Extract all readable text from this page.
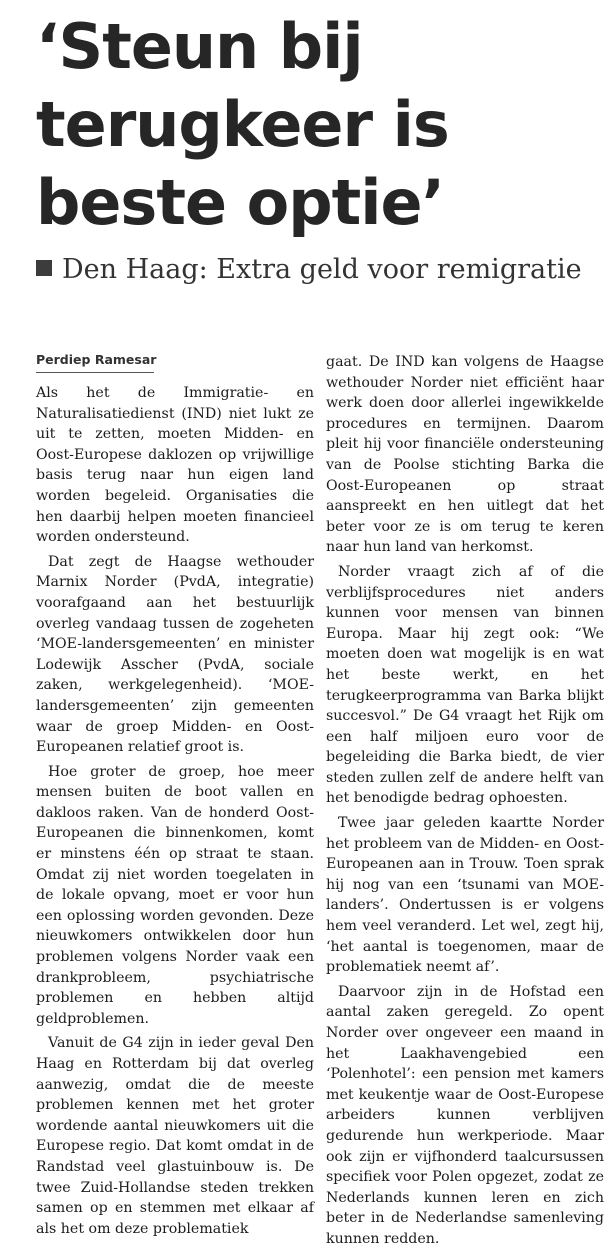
‘Steun bij terugkeer is beste optie’
Den Haag: Extra geld voor remigratie
Perdiep Ramesar

Als het de Immigratie- en Naturalisatiedienst (IND) niet lukt ze uit te zetten, moeten Midden- en Oost-Europese daklozen op vrijwillige basis terug naar hun eigen land worden begeleid. Organisaties die hen daarbij helpen moeten financieel worden ondersteund.

Dat zegt de Haagse wethouder Marnix Norder (PvdA, integratie) voorafgaand aan het bestuurlijk overleg vandaag tussen de zogeheten ‘MOE-landersgemeenten’ en minister Lodewijk Asscher (PvdA, sociale zaken, werkgelegenheid). ‘MOE-landersgemeenten’ zijn gemeenten waar de groep Midden- en Oost-Europeanen relatief groot is.

Hoe groter de groep, hoe meer mensen buiten de boot vallen en dakloos raken. Van de honderd Oost-Europeanen die binnenkomen, komt er minstens één op straat te staan. Omdat zij niet worden toegelaten in de lokale opvang, moet er voor hun een oplossing worden gevonden. Deze nieuwkomers ontwikkelen door hun problemen volgens Norder vaak een drankprobleem, psychiatrische problemen en hebben altijd geldproblemen.

Vanuit de G4 zijn in ieder geval Den Haag en Rotterdam bij dat overleg aanwezig, omdat die de meeste problemen kennen met het groter wordende aantal nieuwkomers uit die Europese regio. Dat komt omdat in de Randstad veel glastuinbouw is. De twee Zuid-Hollandse steden trekken samen op en stemmen met elkaar af als het om deze problematiek

gaat. De IND kan volgens de Haagse wethouder Norder niet efficiënt haar werk doen door allerlei ingewikkelde procedures en termijnen. Daarom pleit hij voor financiële ondersteuning van de Poolse stichting Barka die Oost-Europeanen op straat aanspreekt en hen uitlegt dat het beter voor ze is om terug te keren naar hun land van herkomst.

Norder vraagt zich af of die verblijfsprocedures niet anders kunnen voor mensen van binnen Europa. Maar hij zegt ook: “We moeten doen wat mogelijk is en wat het beste werkt, en het terugkeerprogramma van Barka blijkt succesvol.” De G4 vraagt het Rijk om een half miljoen euro voor de begeleiding die Barka biedt, de vier steden zullen zelf de andere helft van het benodigde bedrag ophoesten.

Twee jaar geleden kaartte Norder het probleem van de Midden- en Oost-Europeanen aan in Trouw. Toen sprak hij nog van een ‘tsunami van MOE-landers’. Ondertussen is er volgens hem veel veranderd. Let wel, zegt hij, ‘het aantal is toegenomen, maar de problematiek neemt af’.

Daarvoor zijn in de Hofstad een aantal zaken geregeld. Zo opent Norder over ongeveer een maand in het Laakhavengebied een ‘Polenhotel’: een pension met kamers met keukentje waar de Oost-Europese arbeiders kunnen verblijven gedurende hun werkperiode. Maar ook zijn er vijfhonderd taalcursussen specifiek voor Polen opgezet, zodat ze Nederlands kunnen leren en zich beter in de Nederlandse samenleving kunnen redden.
